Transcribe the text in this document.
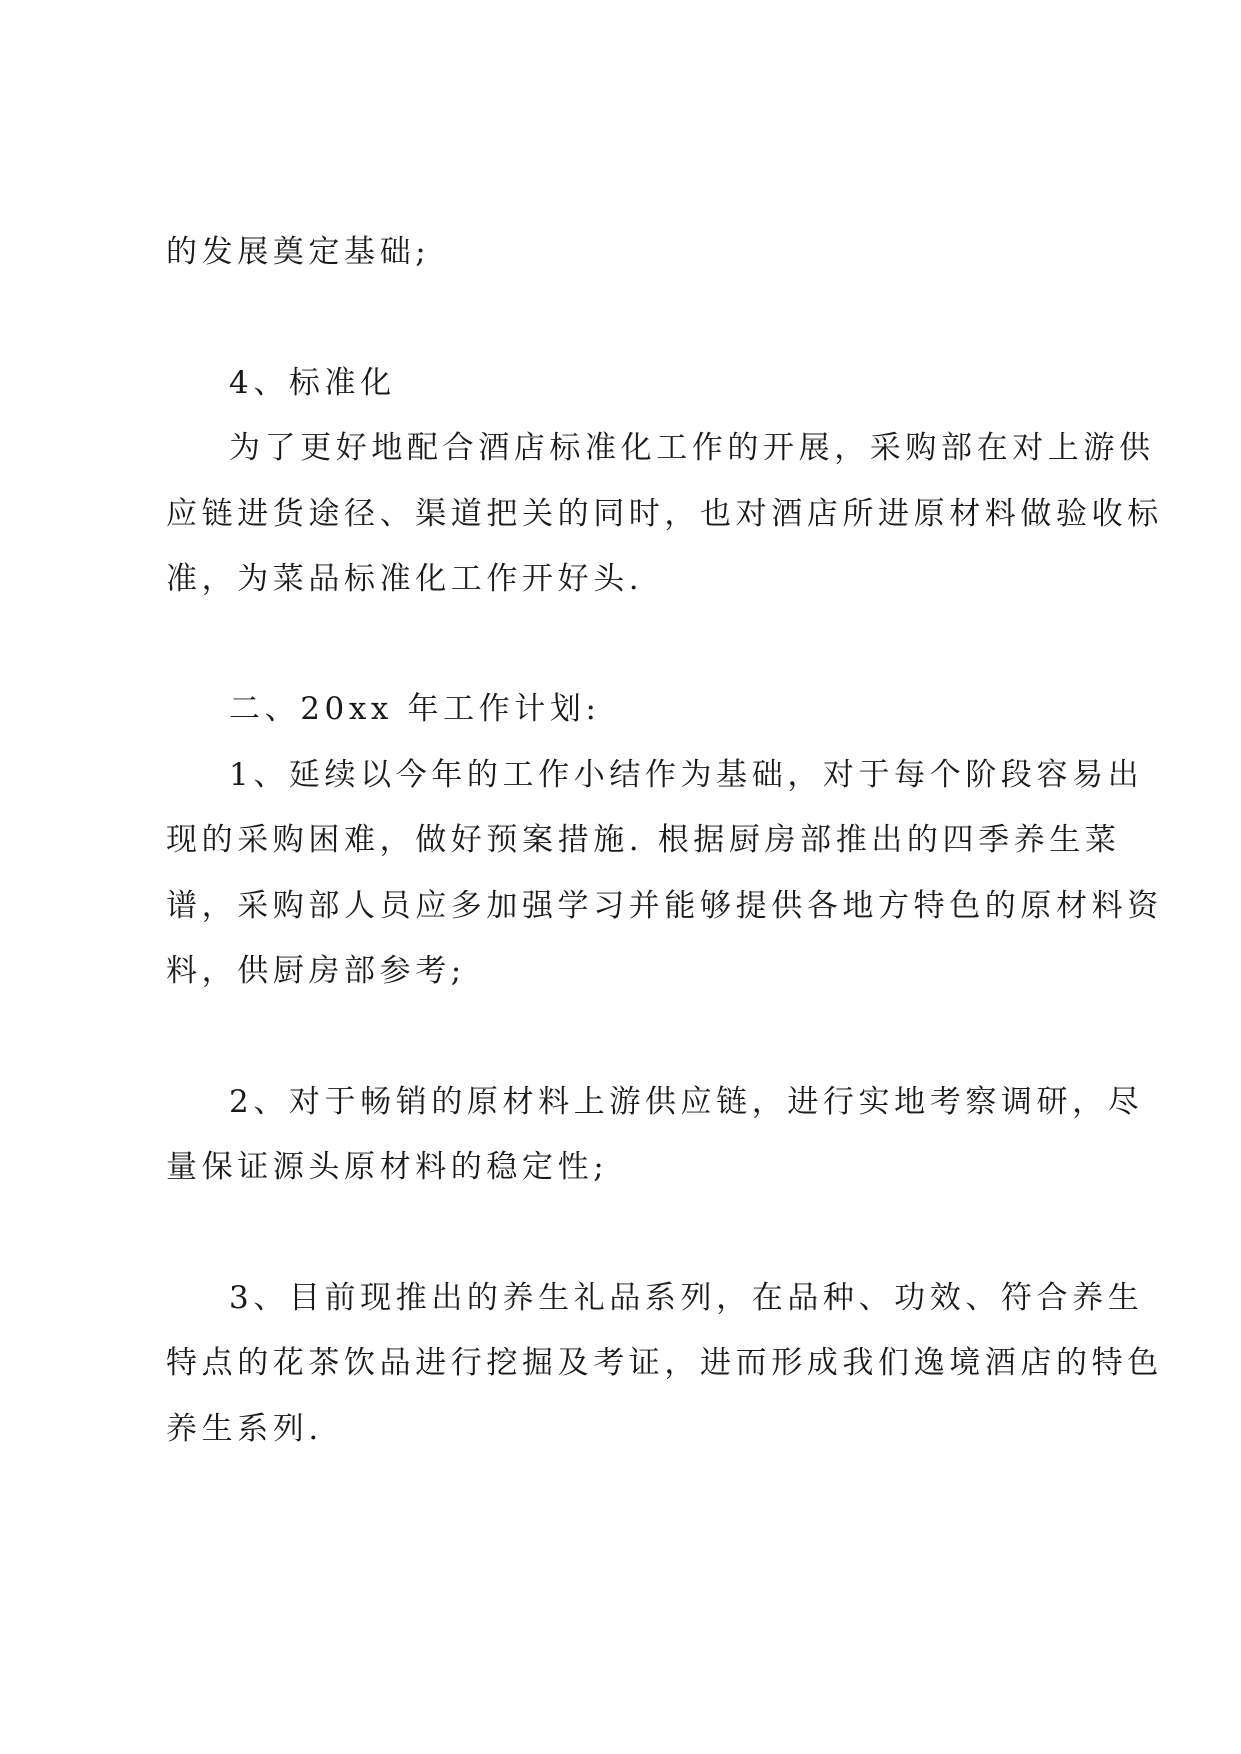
的发展奠定基础;
4、标准化
为了更好地配合酒店标准化工作的开展，采购部在对上游供
应链进货途径、渠道把关的同时，也对酒店所进原材料做验收标
准，为菜品标准化工作开好头.
二、20xx 年工作计划:
1、延续以今年的工作小结作为基础，对于每个阶段容易出
现的采购困难，做好预案措施. 根据厨房部推出的四季养生菜
谱，采购部人员应多加强学习并能够提供各地方特色的原材料资
料，供厨房部参考;
2、对于畅销的原材料上游供应链，进行实地考察调研，尽
量保证源头原材料的稳定性;
3、目前现推出的养生礼品系列，在品种、功效、符合养生
特点的花茶饮品进行挖掘及考证，进而形成我们逸境酒店的特色
养生系列.
